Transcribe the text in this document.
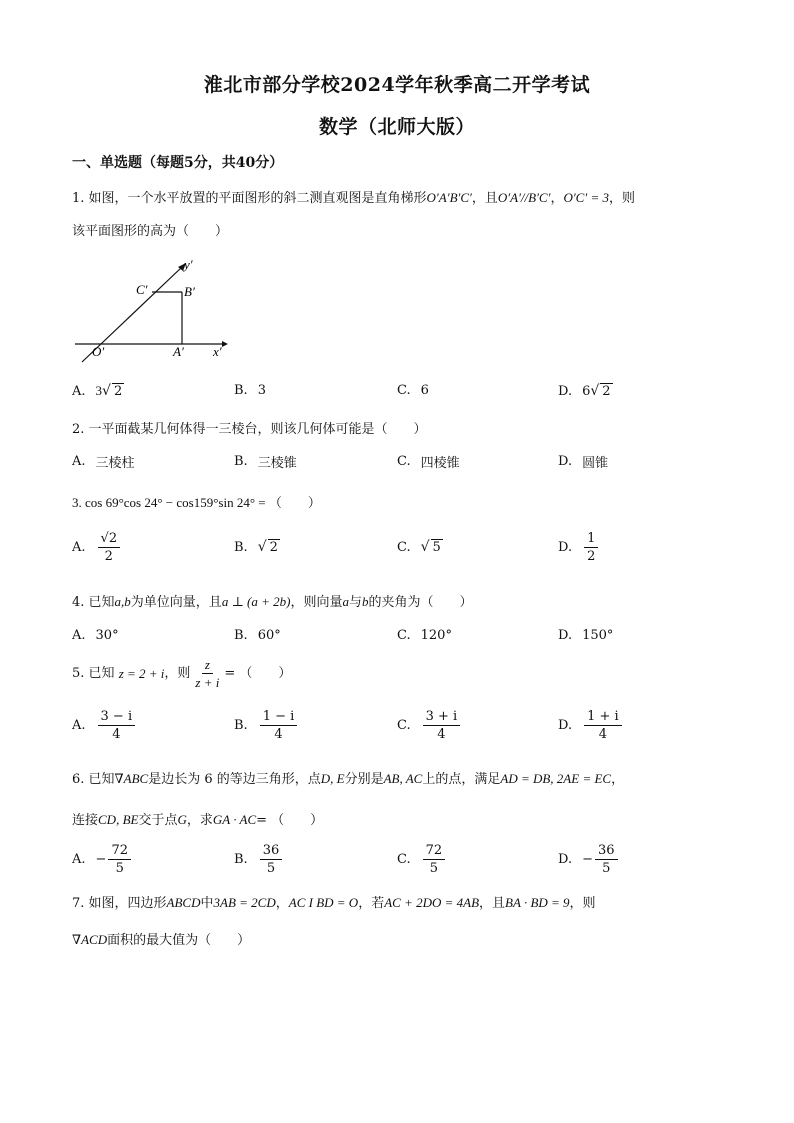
淮北市部分学校2024学年秋季高二开学考试
数学（北师大版）
一、单选题（每题5分，共40分）
1. 如图，一个水平放置的平面图形的斜二测直观图是直角梯形O′A′B′C′，且O′A′//B′C′，O′C′ = 3，则
该平面图形的高为（　　）
y′
C′	B′
O′	A′ x′
A. 3 √ 2	B. 3	C. 6	D. 6 √ 2
2. 一平面截某几何体得一三棱台，则该几何体可能是（　　）
A. 三棱柱	B. 三棱锥	C. 四棱锥	D. 圆锥
3. cos 69°cos 24° − cos159°sin 24° = （　　）
A. $\frac{√2}{2}$	B. √ 2	C. √ 5	D. $\frac{1}{2}$
4. 已知a,b为单位向量，且a ⊥ (a + 2b)，则向量a与b的夹角为（　　）
A. 30°	B. 60°	C. 120°	D. 150°
5. 已知
z = 2 + i ，则 $\frac{z}{z + i}$ = （　　）
A. $\frac{3 - i}{4}$	B. $\frac{1 - i}{4}$	C. $\frac{3 + i}{4}$	D. $\frac{1 + i}{4}$
6. 已知∇ABC是边长为 6 的等边三角形，点D, E分别是AB, AC上的点，满足AD = DB, 2AE = EC，
连接CD, BE交于点G，求GA · AC= （　　）
A. − $\frac{72}{5}$	B. $\frac{36}{5}$	C. $\frac{72}{5}$	D. − $\frac{36}{5}$
7. 如图，四边形ABCD中3AB = 2CD，AC I BD = O，若AC + 2DO = 4AB，且BA · BD = 9，则
∇ACD面积的最大值为（　　）
